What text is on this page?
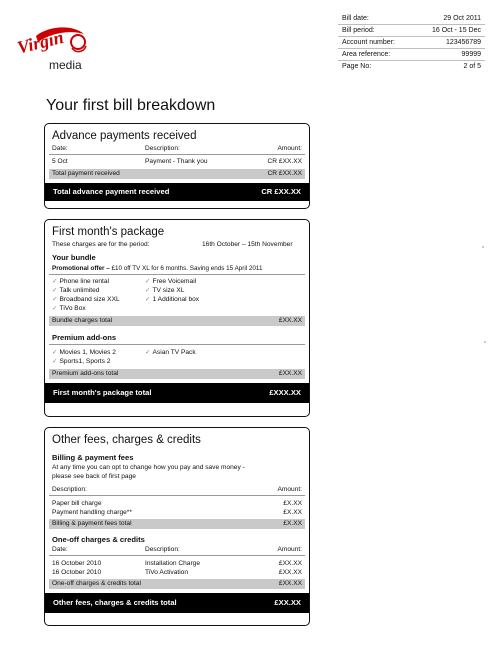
Virgin
media
Bill date:	29 Oct 2011
Bill period:	16 Oct - 15 Dec
Account number:	123456789
Area reference:	99999
Page No:	2 of 5
Your first bill breakdown
Advance payments received
Date:	Description:	Amount:
5 Oct	Payment - Thank you	CR £XX.XX
Total payment received	CR £XX.XX
Total advance payment received	CR £XX.XX
First month's package
These charges are for the period:	16th October – 15th November
Your bundle
Promotional offer – £10 off TV XL for 6 months. Saving ends 15 April 2011
✓ Phone line rental
✓ Talk unlimited
✓ Broadband size XXL
✓ TiVo Box
✓ Free Voicemail
✓ TV size XL
✓ 1 Additional box
Bundle charges total	£XX.XX
Premium add-ons
✓ Movies 1, Movies 2
✓ Sports1, Sports 2
✓ Asian TV Pack
Premium add-ons total	£XX.XX
First month's package total	£XXX.XX
Other fees, charges & credits
Billing & payment fees
At any time you can opt to change how you pay and save money -
please see back of first page
Description:	Amount:
Paper bill charge	£X.XX
Payment handling charge**	£X.XX
Billing & payment fees total	£X.XX
One-off charges & credits
Date:	Description:	Amount:
16 October 2010	Installation Charge	£XX.XX
16 October 2010	TiVo Activation	£XX.XX
One-off charges & credits total	£XX.XX
Other fees, charges & credits total	£XX.XX
